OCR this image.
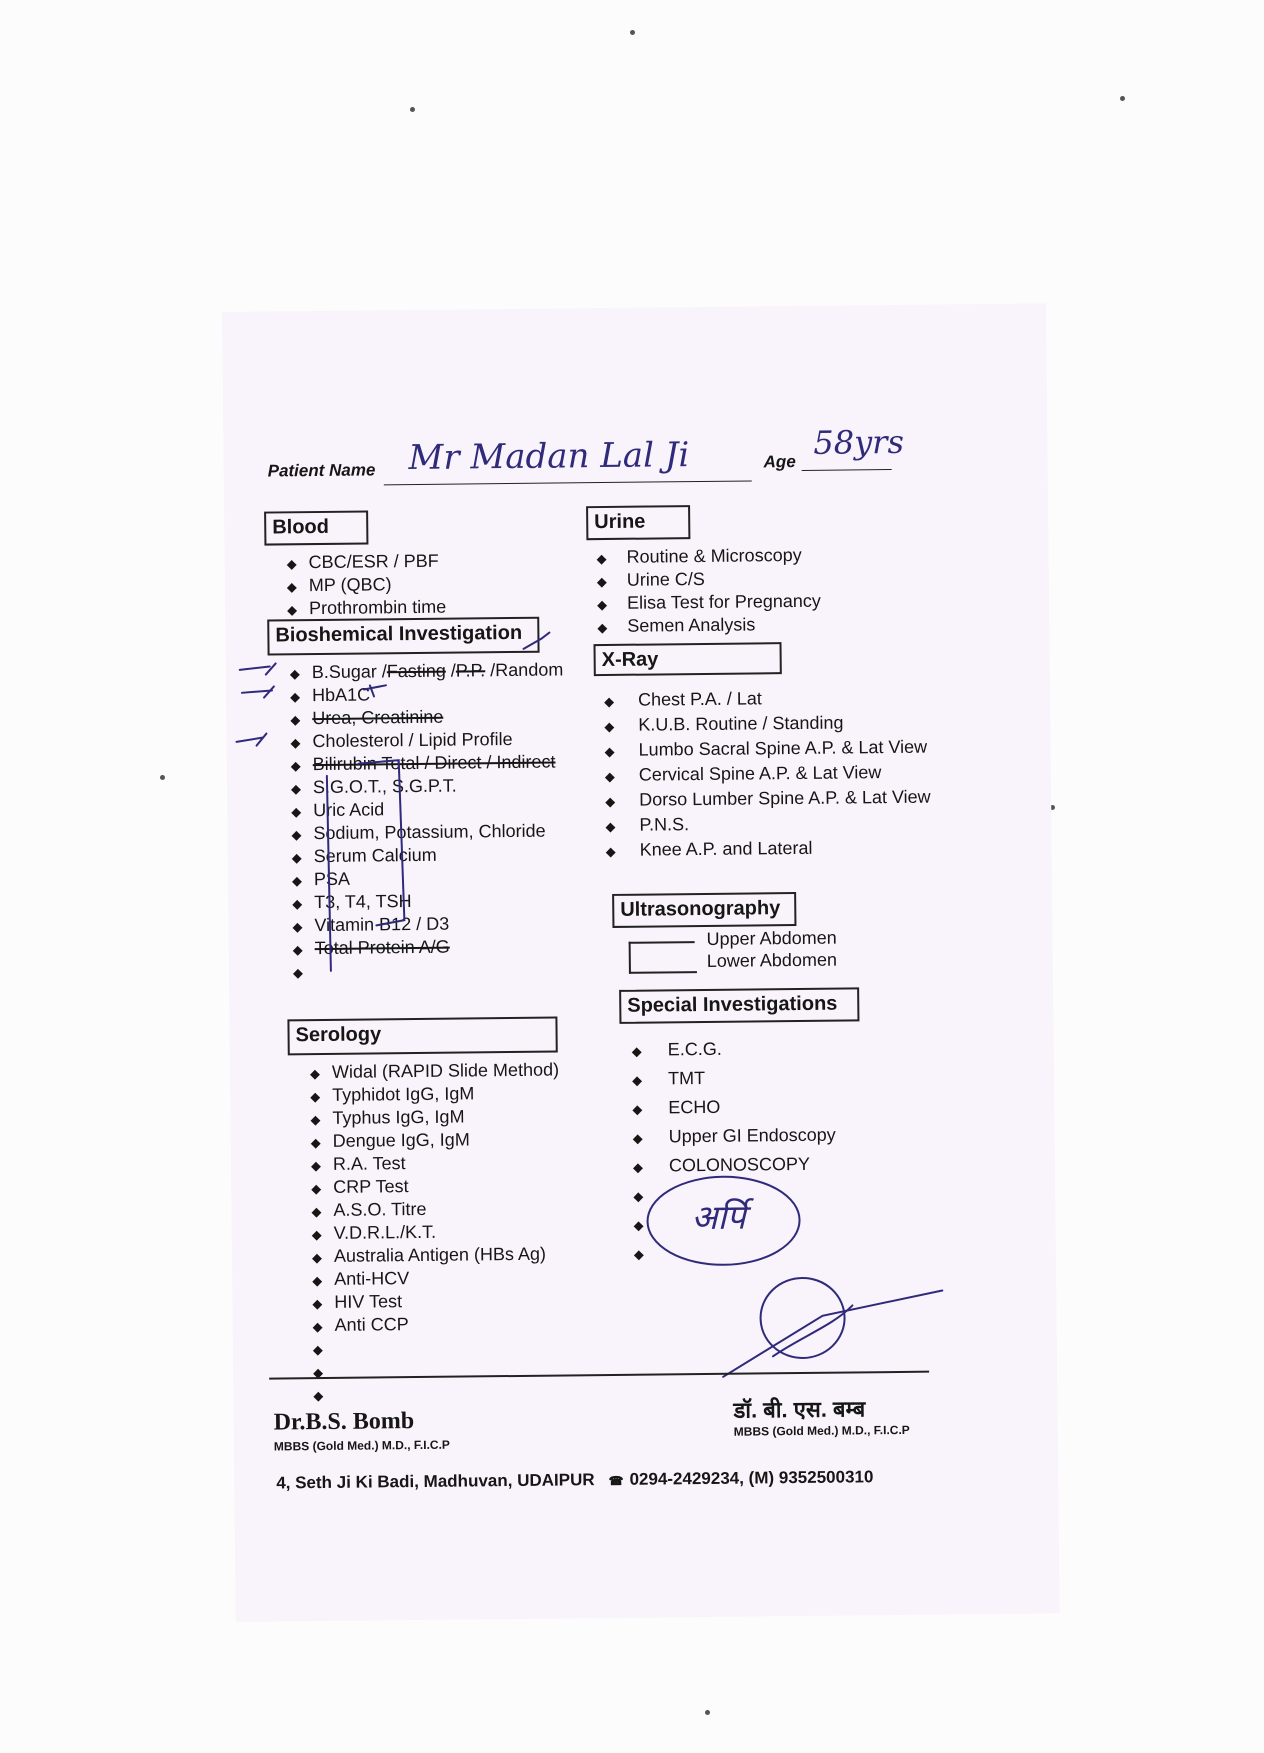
Patient Name Mr Madan Lal Ji	Age 58yrs
Blood
◆ CBC/ESR / PBF
◆ MP (QBC)
◆ Prothrombin time
Bioshemical Investigation
◆ B.Sugar /Fasting /P.P. /Random
◆ HbA1C
◆ Urea, Creatinine
◆ Cholesterol / Lipid Profile
◆ Bilirubin Total / Direct / Indirect
◆ S.G.O.T., S.G.P.T.
◆ Uric Acid
◆ Sodium, Potassium, Chloride
◆ Serum Calcium
◆ PSA
◆ T3, T4, TSH
◆ Vitamin B12 / D3
◆ Total Protein A/G
◆
Serology
◆ Widal (RAPID Slide Method)
◆ Typhidot IgG, IgM
◆ Typhus IgG, IgM
◆ Dengue IgG, IgM
◆ R.A. Test
◆ CRP Test
◆ A.S.O. Titre
◆ V.D.R.L./K.T.
◆ Australia Antigen (HBs Ag)
◆ Anti-HCV
◆ HIV Test
◆ Anti CCP
◆
◆
◆
Urine
◆ Routine & Microscopy
◆ Urine C/S
◆ Elisa Test for Pregnancy
◆ Semen Analysis
X-Ray
◆ Chest P.A. / Lat
◆ K.U.B. Routine / Standing
◆ Lumbo Sacral Spine A.P. & Lat View
◆ Cervical Spine A.P. & Lat View
◆ Dorso Lumber Spine A.P. & Lat View
◆ P.N.S.
◆ Knee A.P. and Lateral
Ultrasonography
Upper Abdomen
Lower Abdomen
Special Investigations
◆ E.C.G.
◆ TMT
◆ ECHO
◆ Upper GI Endoscopy
◆ COLONOSCOPY
◆
◆
◆
अर्पि
Dr.B.S. Bomb
MBBS (Gold Med.) M.D., F.I.C.P
डॉ. बी. एस. बम्ब
MBBS (Gold Med.) M.D., F.I.C.P
4, Seth Ji Ki Badi, Madhuvan, UDAIPUR ☎ 0294-2429234, (M) 9352500310
